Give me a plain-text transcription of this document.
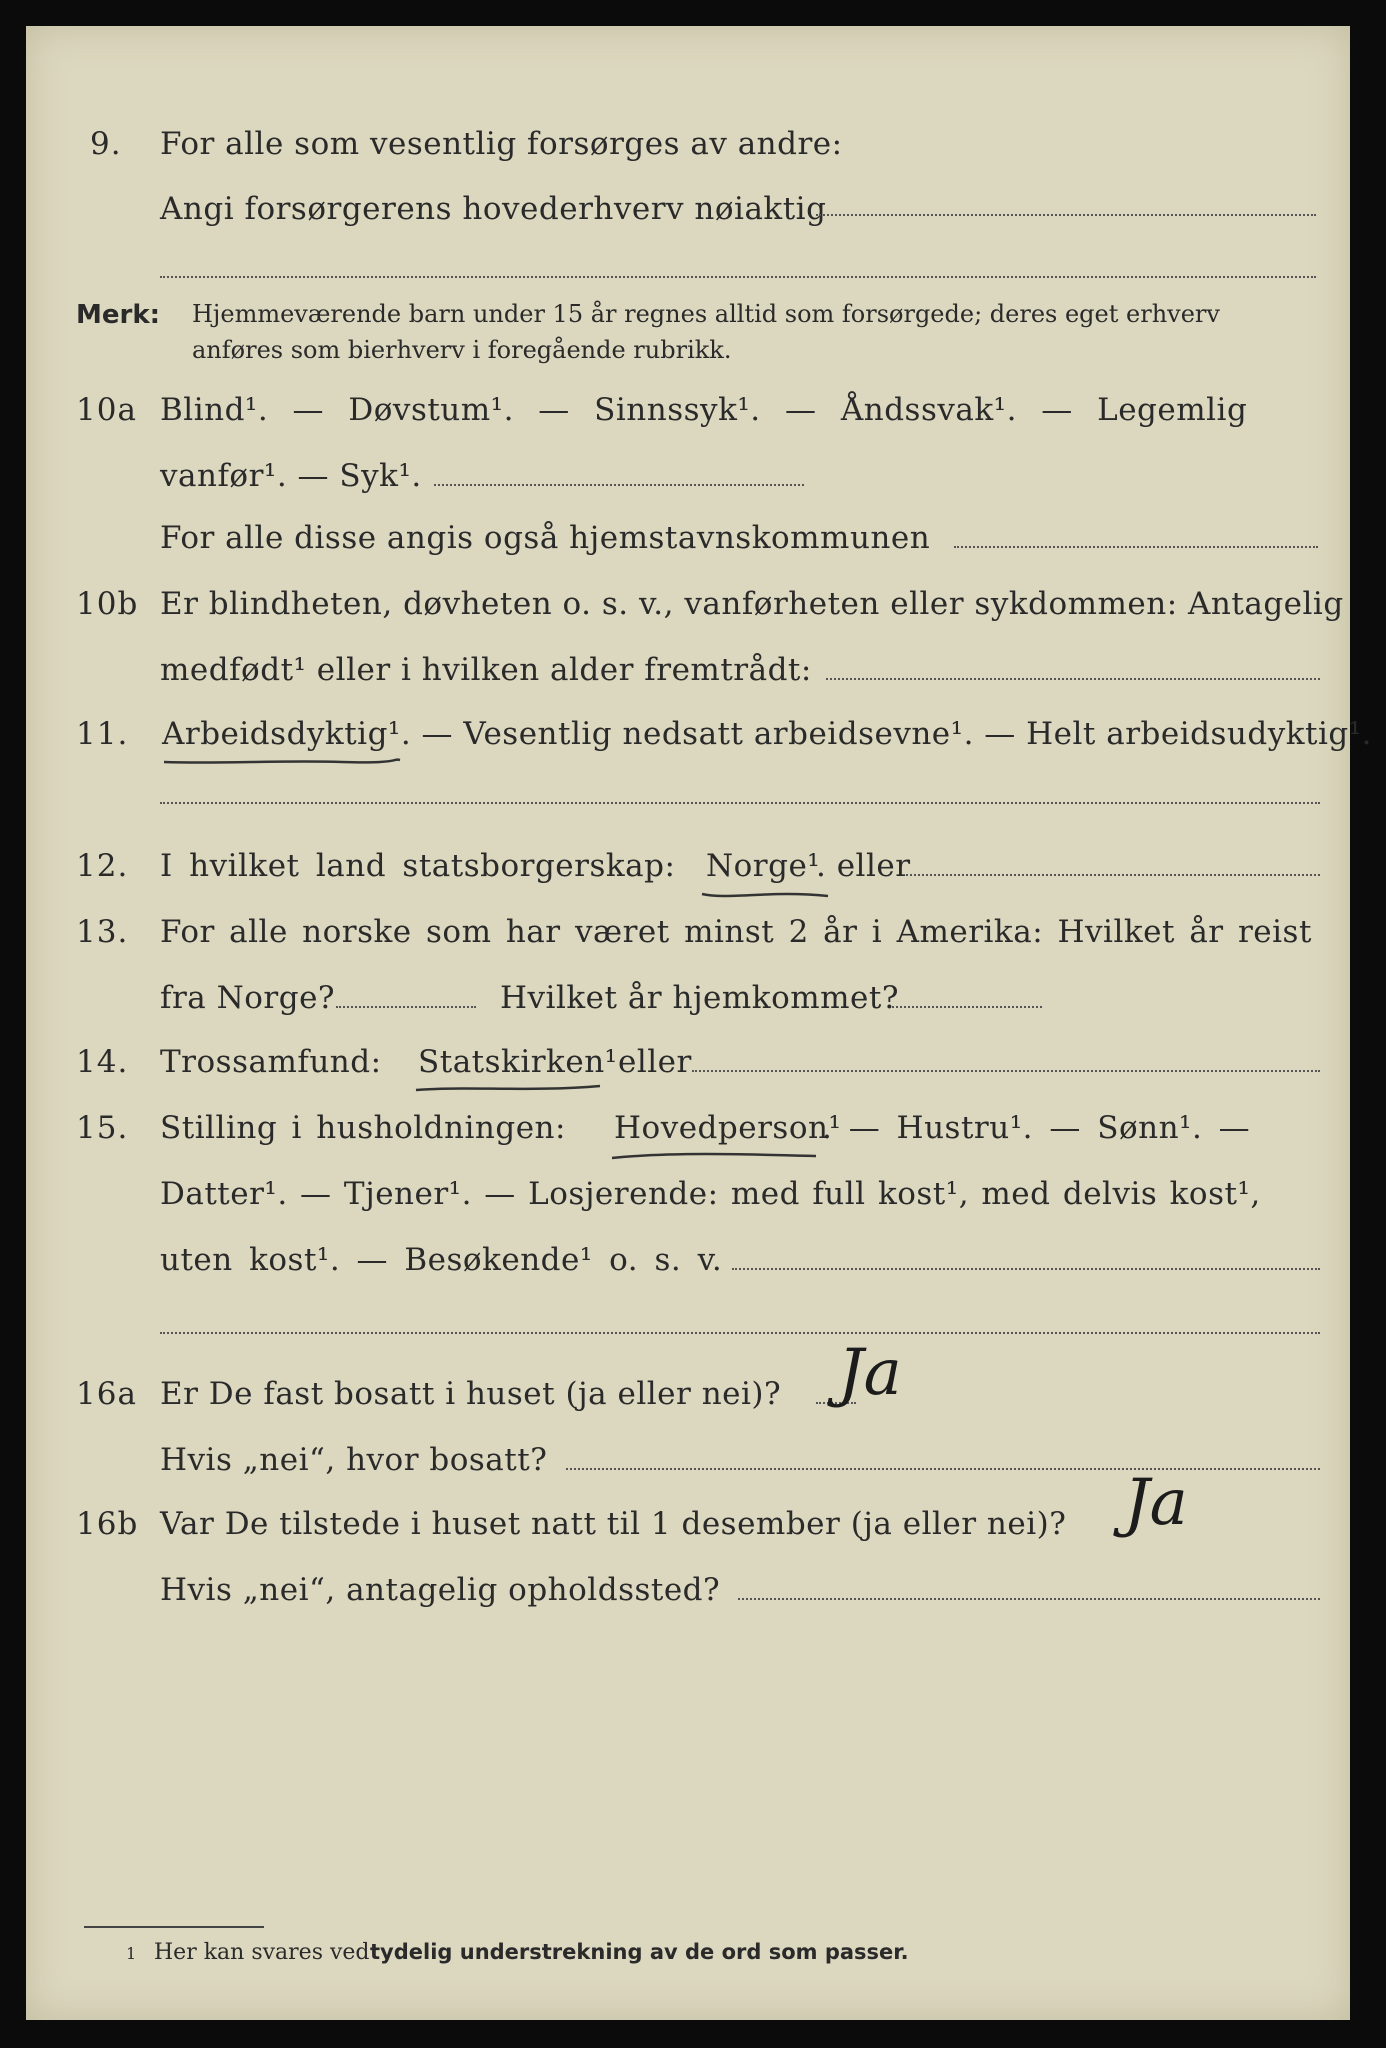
9. For alle som vesentlig forsørges av andre:
Angi forsørgerens hovederhverv nøiaktig
Merk: Hjemmeværende barn under 15 år regnes alltid som forsørgede; deres eget erhverv
anføres som bierhverv i foregående rubrikk.
10a Blind¹. — Døvstum¹. — Sinnssyk¹. — Åndssvak¹. — Legemlig
vanfør¹. — Syk¹.
For alle disse angis også hjemstavnskommunen
10b Er blindheten, døvheten o. s. v., vanførheten eller sykdommen: Antagelig
medfødt¹ eller i hvilken alder fremtrådt:
11. Arbeidsdyktig¹. — Vesentlig nedsatt arbeidsevne¹. — Helt arbeidsudyktig¹.
12. I hvilket land statsborgerskap: Norge¹
. eller
13. For alle norske som har været minst 2 år i Amerika: Hvilket år reist
fra Norge?	Hvilket år hjemkommet?
14. Trossamfund: Statskirken¹ eller
15. Stilling i husholdningen: Hovedperson¹
. — Hustru¹. — Sønn¹. —
Datter¹. — Tjener¹. — Losjerende: med full kost¹, med delvis kost¹,
uten kost¹. — Besøkende¹ o. s. v.
16a Er De fast bosatt i huset (ja eller nei)? Ja
Hvis „nei“, hvor bosatt?
16b Var De tilstede i huset natt til 1 desember (ja eller nei)? Ja
Hvis „nei“, antagelig opholdssted?
1 Her kan svares ved tydelig understrekning av de ord som passer.
